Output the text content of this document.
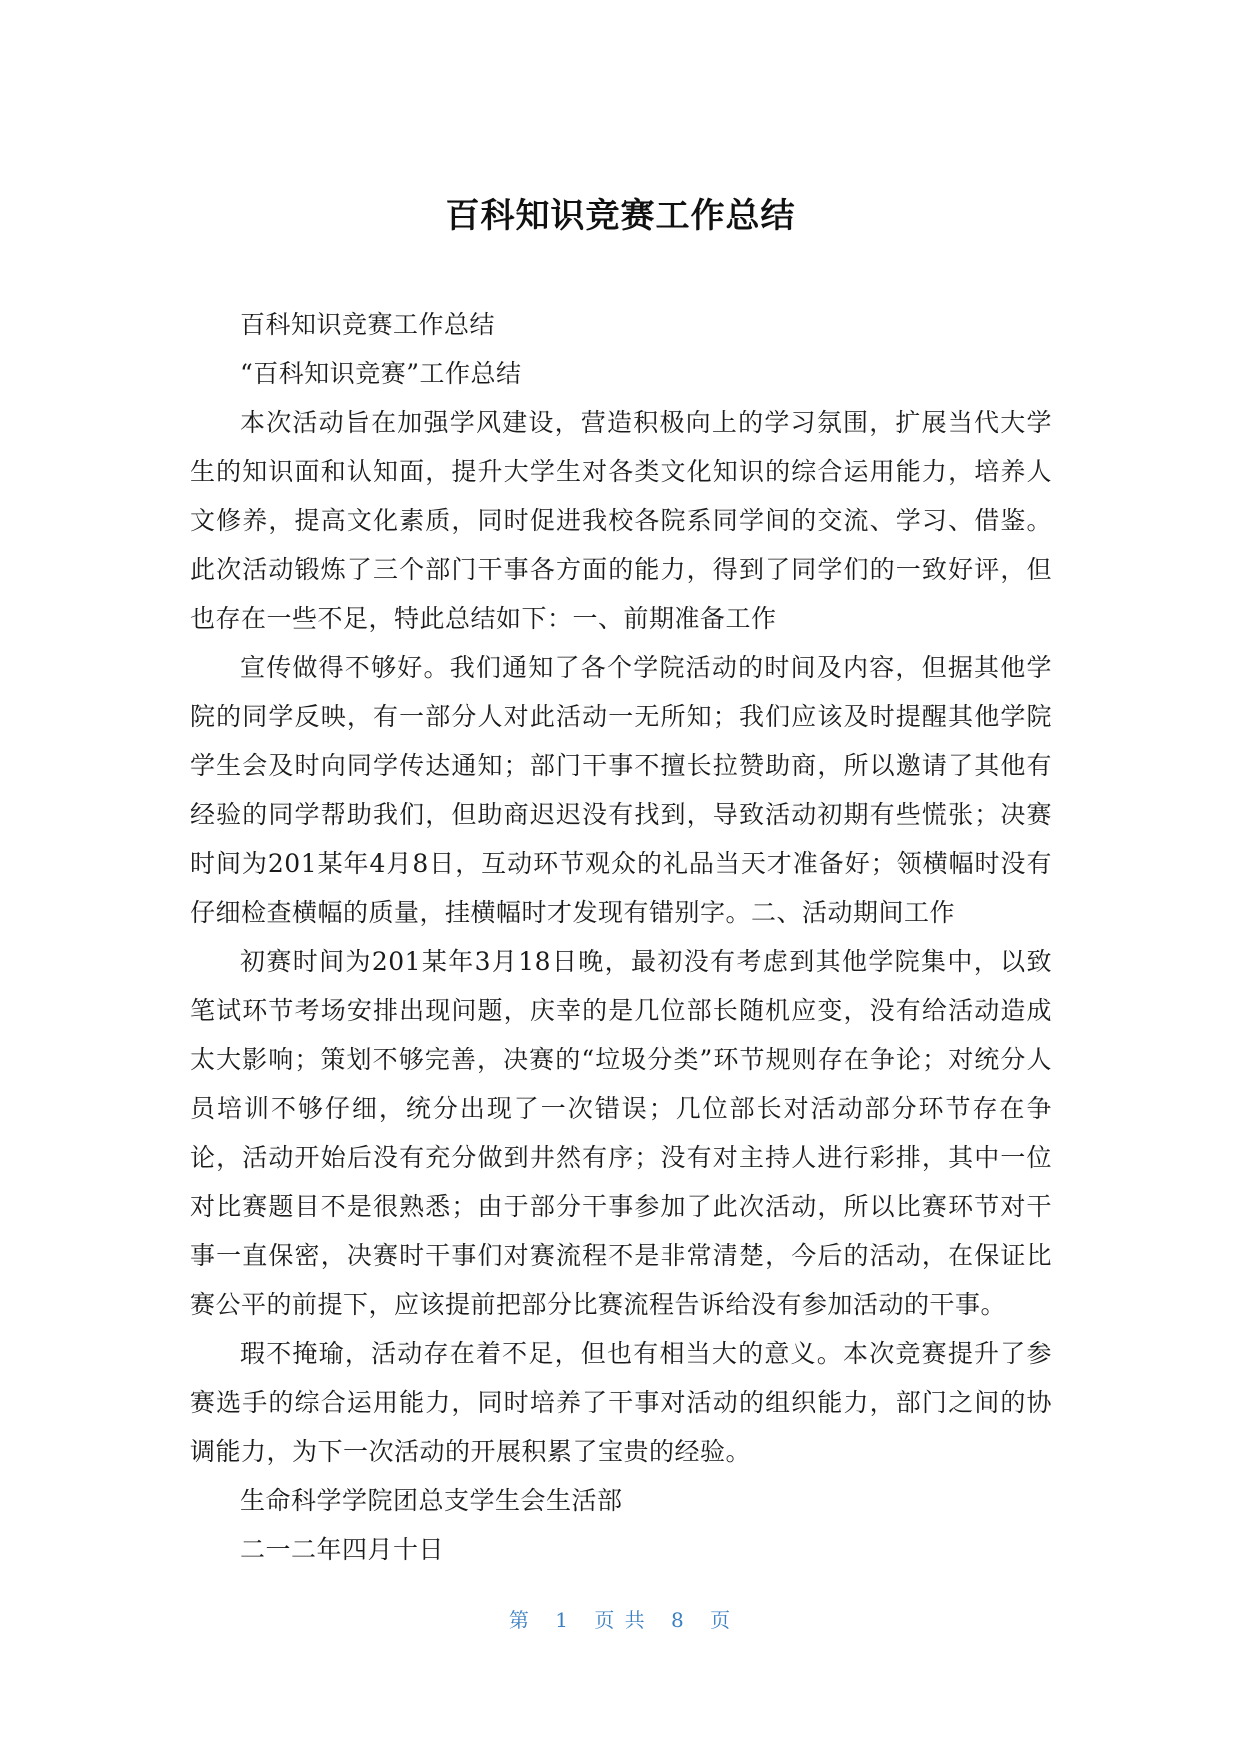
百科知识竞赛工作总结

百科知识竞赛工作总结

“百科知识竞赛”工作总结

本次活动旨在加强学风建设，营造积极向上的学习氛围，扩展当代大学生的知识面和认知面，提升大学生对各类文化知识的综合运用能力，培养人文修养，提高文化素质，同时促进我校各院系同学间的交流、学习、借鉴。此次活动锻炼了三个部门干事各方面的能力，得到了同学们的一致好评，但也存在一些不足，特此总结如下：一、前期准备工作

宣传做得不够好。我们通知了各个学院活动的时间及内容，但据其他学院的同学反映，有一部分人对此活动一无所知；我们应该及时提醒其他学院学生会及时向同学传达通知；部门干事不擅长拉赞助商，所以邀请了其他有经验的同学帮助我们，但助商迟迟没有找到，导致活动初期有些慌张；决赛时间为201某年4月8日，互动环节观众的礼品当天才准备好；领横幅时没有仔细检查横幅的质量，挂横幅时才发现有错别字。二、活动期间工作

初赛时间为201某年3月18日晚，最初没有考虑到其他学院集中，以致笔试环节考场安排出现问题，庆幸的是几位部长随机应变，没有给活动造成太大影响；策划不够完善，决赛的“垃圾分类”环节规则存在争论；对统分人员培训不够仔细，统分出现了一次错误；几位部长对活动部分环节存在争论，活动开始后没有充分做到井然有序；没有对主持人进行彩排，其中一位对比赛题目不是很熟悉；由于部分干事参加了此次活动，所以比赛环节对干事一直保密，决赛时干事们对赛流程不是非常清楚，今后的活动，在保证比赛公平的前提下，应该提前把部分比赛流程告诉给没有参加活动的干事。

瑕不掩瑜，活动存在着不足，但也有相当大的意义。本次竞赛提升了参赛选手的综合运用能力，同时培养了干事对活动的组织能力，部门之间的协调能力，为下一次活动的开展积累了宝贵的经验。

生命科学学院团总支学生会生活部

二一二年四月十日

第 1 页 共 8 页
